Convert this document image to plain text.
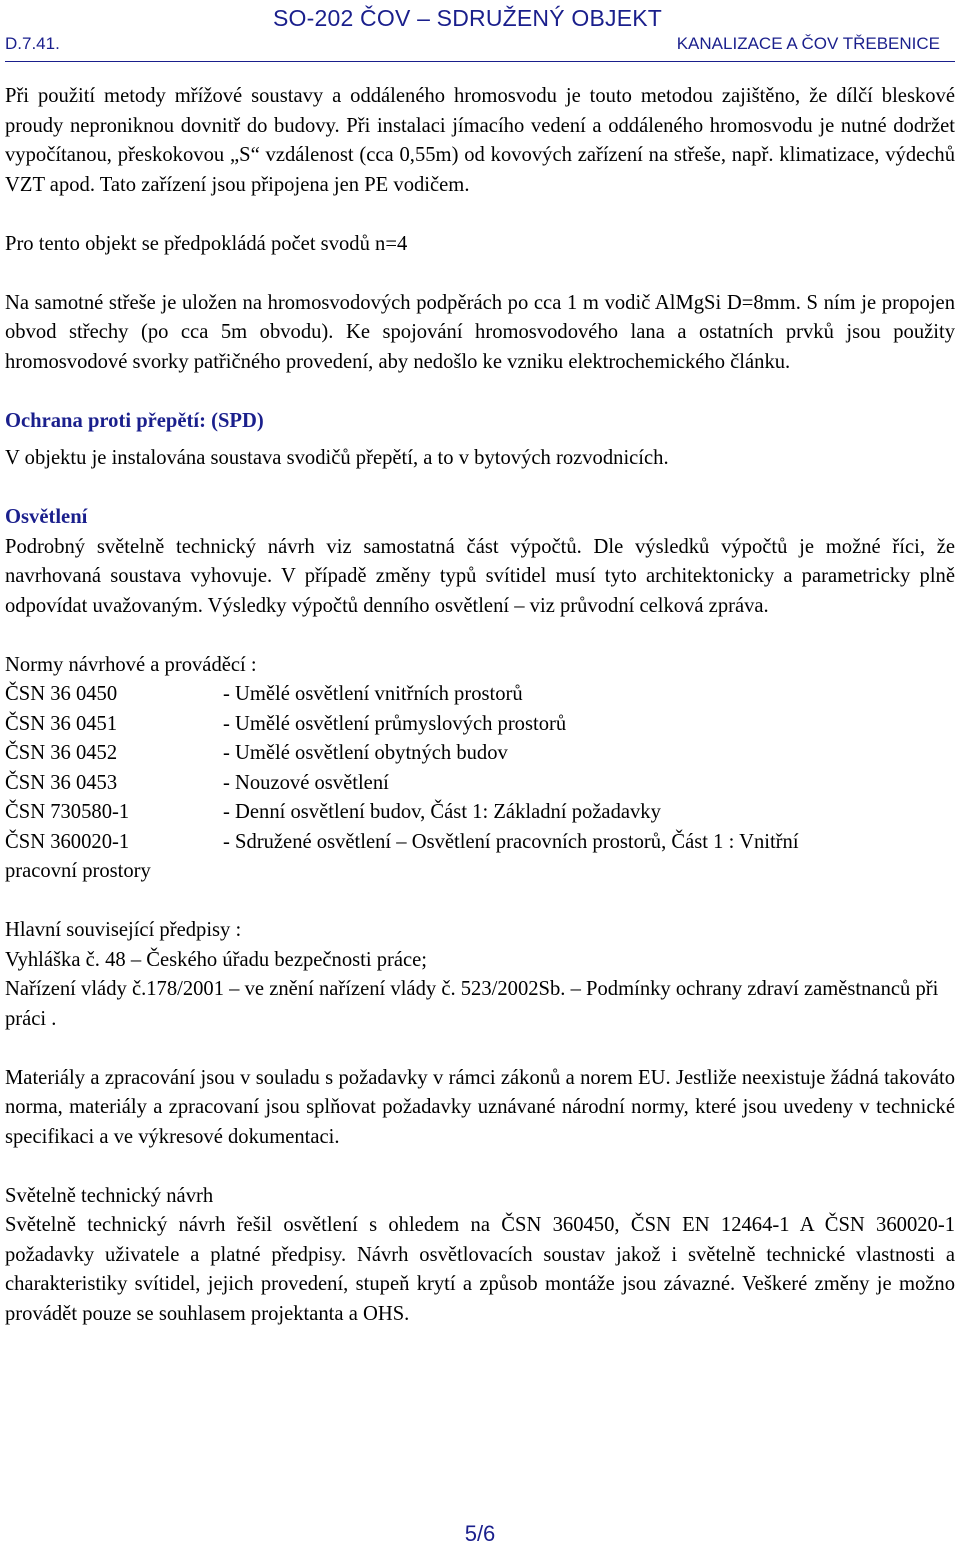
SO-202 ČOV – SDRUŽENÝ OBJEKT
D.7.41.	KANALIZACE A ČOV TŘEBENICE

Při použití metody mřížové soustavy a oddáleného hromosvodu je touto metodou zajištěno, že dílčí bleskové proudy neproniknou dovnitř do budovy. Při instalaci jímacího vedení a oddáleného hromosvodu je nutné dodržet vypočítanou, přeskokovou „S“ vzdálenost (cca 0,55m) od kovových zařízení na střeše, např. klimatizace, výdechů VZT apod. Tato zařízení jsou připojena jen PE vodičem.

Pro tento objekt se předpokládá počet svodů n=4

Na samotné střeše je uložen na hromosvodových podpěrách po cca 1 m vodič AlMgSi D=8mm. S ním je propojen obvod střechy (po cca 5m obvodu). Ke spojování hromosvodového lana a ostatních prvků jsou použity hromosvodové svorky patřičného provedení, aby nedošlo ke vzniku elektrochemického článku.

Ochrana proti přepětí: (SPD)

V objektu je instalována soustava svodičů přepětí, a to v bytových rozvodnicích.

Osvětlení

Podrobný světelně technický návrh viz samostatná část výpočtů. Dle výsledků výpočtů je možné říci, že navrhovaná soustava vyhovuje. V případě změny typů svítidel musí tyto architektonicky a parametricky plně odpovídat uvažovaným. Výsledky výpočtů denního osvětlení – viz průvodní celková zpráva.

Normy návrhové a prováděcí :

ČSN 36 0450	- Umělé osvětlení vnitřních prostorů
ČSN 36 0451	- Umělé osvětlení průmyslových prostorů
ČSN 36 0452	- Umělé osvětlení obytných budov
ČSN 36 0453	- Nouzové osvětlení
ČSN 730580-1	- Denní osvětlení budov, Část 1: Základní požadavky
ČSN 360020-1	- Sdružené osvětlení – Osvětlení pracovních prostorů, Část 1 : Vnitřní

pracovní prostory

Hlavní související předpisy :

Vyhláška č. 48 – Českého úřadu bezpečnosti práce;

Nařízení vlády č.178/2001 – ve znění nařízení vlády č. 523/2002Sb. – Podmínky ochrany zdraví zaměstnanců při práci .

Materiály a zpracování jsou v souladu s požadavky v rámci zákonů a norem EU. Jestliže neexistuje žádná takováto norma, materiály a zpracovaní jsou splňovat požadavky uznávané národní normy, které jsou uvedeny v technické specifikaci a ve výkresové dokumentaci.

Světelně technický návrh

Světelně technický návrh řešil osvětlení s ohledem na ČSN 360450, ČSN EN 12464-1 A ČSN 360020-1 požadavky uživatele a platné předpisy. Návrh osvětlovacích soustav jakož i světelně technické vlastnosti a charakteristiky svítidel, jejich provedení, stupeň krytí a způsob montáže jsou závazné. Veškeré změny je možno provádět pouze se souhlasem projektanta a OHS.

5/6
